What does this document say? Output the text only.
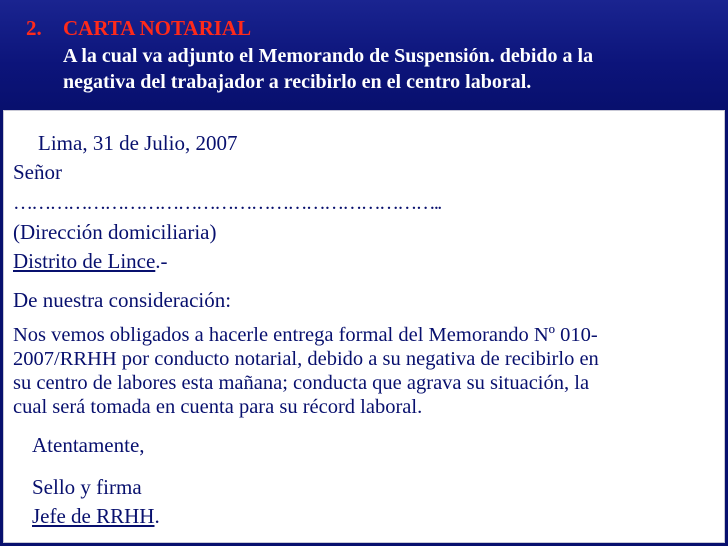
2. CARTA NOTARIAL
A la cual va adjunto el Memorando de Suspensión. debido a la
negativa del trabajador a recibirlo en el centro laboral.
Lima, 31 de Julio, 2007
Señor
……………………………………………………………..
(Dirección domiciliaria)
Distrito de Lince.-
De nuestra consideración:
Nos vemos obligados a hacerle entrega formal del Memorando Nº 010-
2007/RRHH por conducto notarial, debido a su negativa de recibirlo en
su centro de labores esta mañana; conducta que agrava su situación, la
cual será tomada en cuenta para su récord laboral.
Atentamente,
Sello y firma
Jefe de RRHH.
